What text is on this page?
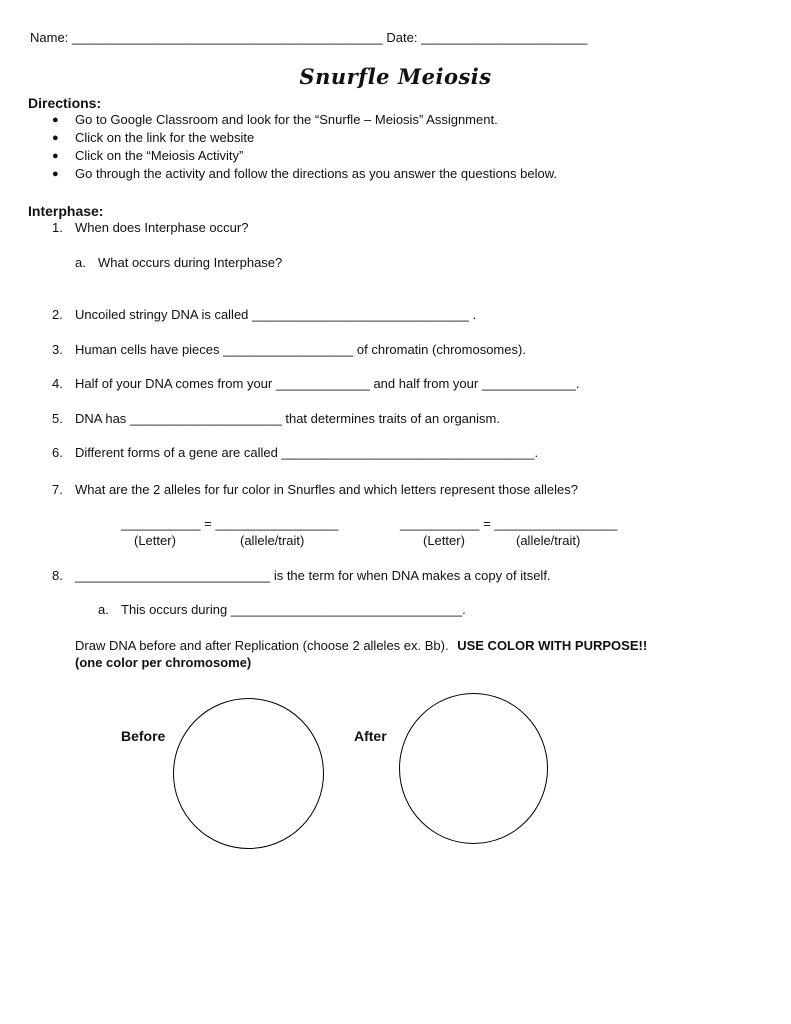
Name: ___________________________________________ Date: _______________________
Snurfle Meiosis
Directions:
● Go to Google Classroom and look for the “Snurfle – Meiosis” Assignment.
● Click on the link for the website
● Click on the “Meiosis Activity”
● Go through the activity and follow the directions as you answer the questions below.
Interphase:
1. When does Interphase occur?
a. What occurs during Interphase?
2. Uncoiled stringy DNA is called ______________________________ .
3. Human cells have pieces __________________ of chromatin (chromosomes).
4. Half of your DNA comes from your _____________ and half from your _____________.
5. DNA has _____________________ that determines traits of an organism.
6. Different forms of a gene are called ___________________________________.
7. What are the 2 alleles for fur color in Snurfles and which letters represent those alleles?
___________ = _________________
(Letter)	(allele/trait)
___________ = _________________
(Letter)	(allele/trait)
8. ___________________________ is the term for when DNA makes a copy of itself.
a. This occurs during ________________________________.
Draw DNA before and after Replication (choose 2 alleles ex. Bb). USE COLOR WITH PURPOSE!!
(one color per chromosome)
Before	After
